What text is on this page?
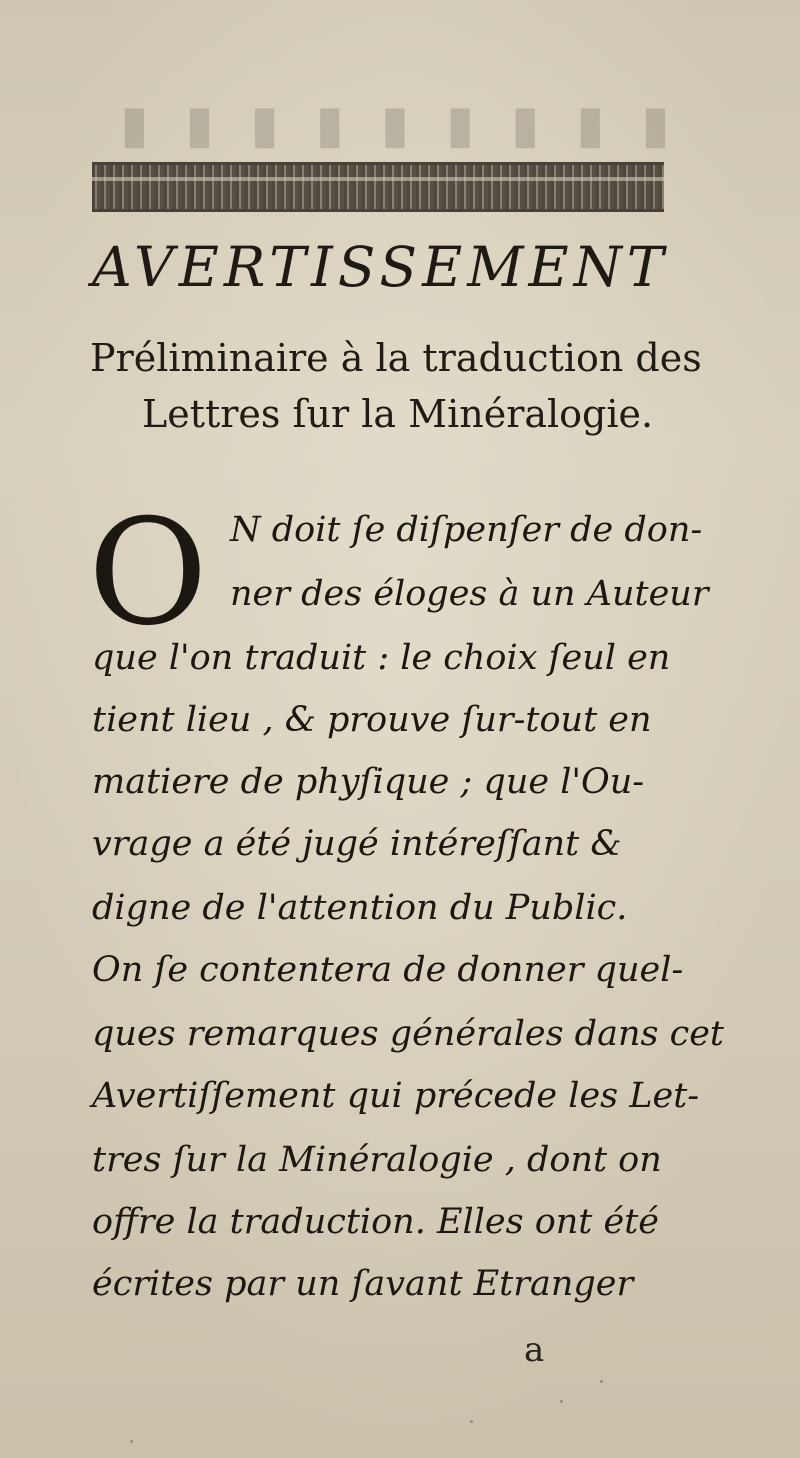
▮ ▮ ▮ ▮ ▮ ▮ ▮ ▮ ▮
AVERTISSEMENT
Préliminaire à la traduction des
Lettres ſur la Minéralogie.
O N doit ſe diſpenſer de don-
ner des éloges à un Auteur
que l'on traduit : le choix ſeul en
tient lieu , & prouve ſur-tout en
matiere de phyſique ; que l'Ou-
vrage a été jugé intéreſſant &
digne de l'attention du Public.
On ſe contentera de donner quel-
ques remarques générales dans cet
Avertiſſement qui précede les Let-
tres ſur la Minéralogie , dont on
offre la traduction. Elles ont été
écrites par un ſavant Etranger
a
